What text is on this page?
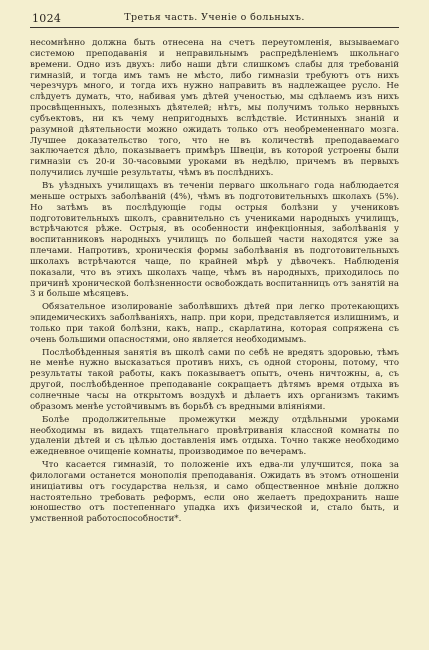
1024	Третья часть. Ученіе о больныхъ.

несомнѣнно должна быть отнесена на счетъ переутомленія, вызываемаго системою преподаванія и неправильнымъ распредѣленіемъ школьнаго времени. Одно изъ двухъ: либо наши дѣти слишкомъ слабы для требованій гимназій, и тогда имъ тамъ не мѣсто, либо гимназіи требуютъ отъ нихъ черезчуръ много, и тогда ихъ нужно направить въ надлежащее русло. Не слѣдуетъ думать, что, набивая умъ дѣтей ученостью, мы сдѣлаемъ изъ нихъ просвѣщенныхъ, полезныхъ дѣятелей; нѣтъ, мы получимъ только нервныхъ субъектовъ, ни къ чему непригодныхъ вслѣдствіе. Истинныхъ знаній и разумной дѣятельности можно ожидать только отъ необремененнаго мозга. Лучшее доказательство того, что не въ количествѣ преподаваемаго заключается дѣло, показываетъ примѣръ Швеціи, въ которой устроены были гимназіи съ 20-и 30-часовыми уроками въ недѣлю, причемъ въ первыхъ получились лучшіе результаты, чѣмъ въ послѣднихъ.

Въ уѣздныхъ училищахъ въ теченіи перваго школьнаго года наблюдается меньше острыхъ заболѣваній (4%), чѣмъ въ подготовительныхъ школахъ (5%). Но затѣмъ въ послѣдующіе годы острыя болѣзни у учениковъ подготовительныхъ школъ, сравнительно съ учениками народныхъ училищъ, встрѣчаются рѣже. Острыя, въ особенности инфекціонныя, заболѣванія у воспитанниковъ народныхъ училищъ по большей части находятся уже за плечами. Напротивъ, хроническія формы заболѣванія въ подготовительныхъ школахъ встрѣчаются чаще, по крайней мѣрѣ у дѣвочекъ. Наблюденія показали, что въ этихъ школахъ чаще, чѣмъ въ народныхъ, приходилось по причинѣ хронической болѣзненности освобождать воспитанницъ отъ занятій на 3 и больше мѣсяцевъ.

Обязательное изолированіе заболѣвшихъ дѣтей при легко протекающихъ эпидемическихъ заболѣваніяхъ, напр. при кори, представляется излишнимъ, и только при такой болѣзни, какъ, напр., скарлатина, которая сопряжена съ очень большими опасностями, оно является необходимымъ.

Послѣобѣденныя занятія въ школѣ сами по себѣ не вредятъ здоровью, тѣмъ не менѣе нужно высказаться противъ нихъ, съ одной стороны, потому, что результаты такой работы, какъ показываетъ опытъ, очень ничтожны, а, съ другой, послѣобѣденное преподаваніе сокращаетъ дѣтямъ время отдыха въ солнечные часы на открытомъ воздухѣ и дѣлаетъ ихъ организмъ такимъ образомъ менѣе устойчивымъ въ борьбѣ съ вредными вліяніями.

Болѣе продолжительные промежутки между отдѣльными уроками необходимы въ видахъ тщательнаго провѣтриванія классной комнаты по удаленіи дѣтей и съ цѣлью доставленія имъ отдыха. Точно также необходимо ежедневное очищеніе комнаты, производимое по вечерамъ.

Что касается гимназій, то положеніе ихъ едва-ли улучшится, пока за филологами останется монополія преподаванія. Ожидать въ этомъ отношеніи иниціативы отъ государства нельзя, и само общественное мнѣніе должно настоятельно требовать реформъ, если оно желаетъ предохранить наше юношество отъ постепеннаго упадка ихъ физической и, стало быть, и умственной работоспособности*.
